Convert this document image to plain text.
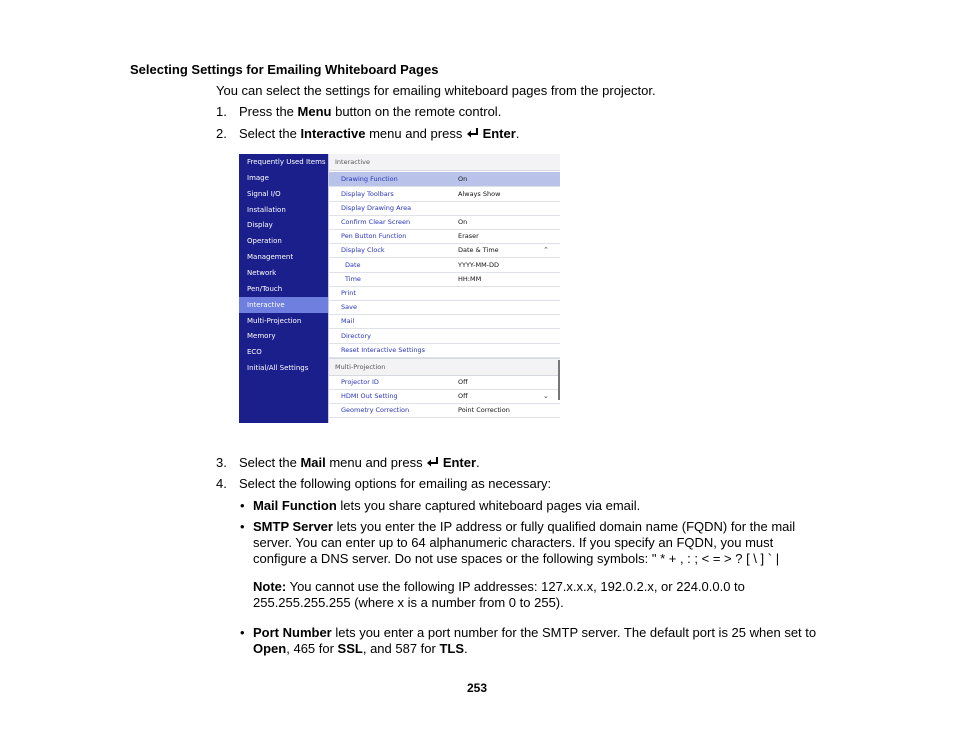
Selecting Settings for Emailing Whiteboard Pages
You can select the settings for emailing whiteboard pages from the projector.
1. Press the Menu button on the remote control.
2. Select the Interactive menu and press  Enter.
Frequently Used Items
Image
Signal I/O
Installation
Display
Operation
Management
Network
Pen/Touch
Interactive
Multi-Projection
Memory
ECO
Initial/All Settings
Interactive
Drawing Function	On
Display Toolbars	Always Show
Display Drawing Area
Confirm Clear Screen	On
Pen Button Function	Eraser
Display Clock	Date & Time	⌃
Date	YYYY-MM-DD
Time	HH:MM
Print
Save
Mail
Directory
Reset Interactive Settings
Multi-Projection
Projector ID	Off
HDMI Out Setting	Off	⌄
Geometry Correction	Point Correction
3. Select the Mail menu and press  Enter.
4. Select the following options for emailing as necessary:
• Mail Function lets you share captured whiteboard pages via email.
• SMTP Server lets you enter the IP address or fully qualified domain name (FQDN) for the mail server. You can enter up to 64 alphanumeric characters. If you specify an FQDN, you must configure a DNS server. Do not use spaces or the following symbols: " * + , : ; < = > ? [ \ ] ` |
Note: You cannot use the following IP addresses: 127.x.x.x, 192.0.2.x, or 224.0.0.0 to 255.255.255.255 (where x is a number from 0 to 255).
• Port Number lets you enter a port number for the SMTP server. The default port is 25 when set to Open, 465 for SSL, and 587 for TLS.
253
